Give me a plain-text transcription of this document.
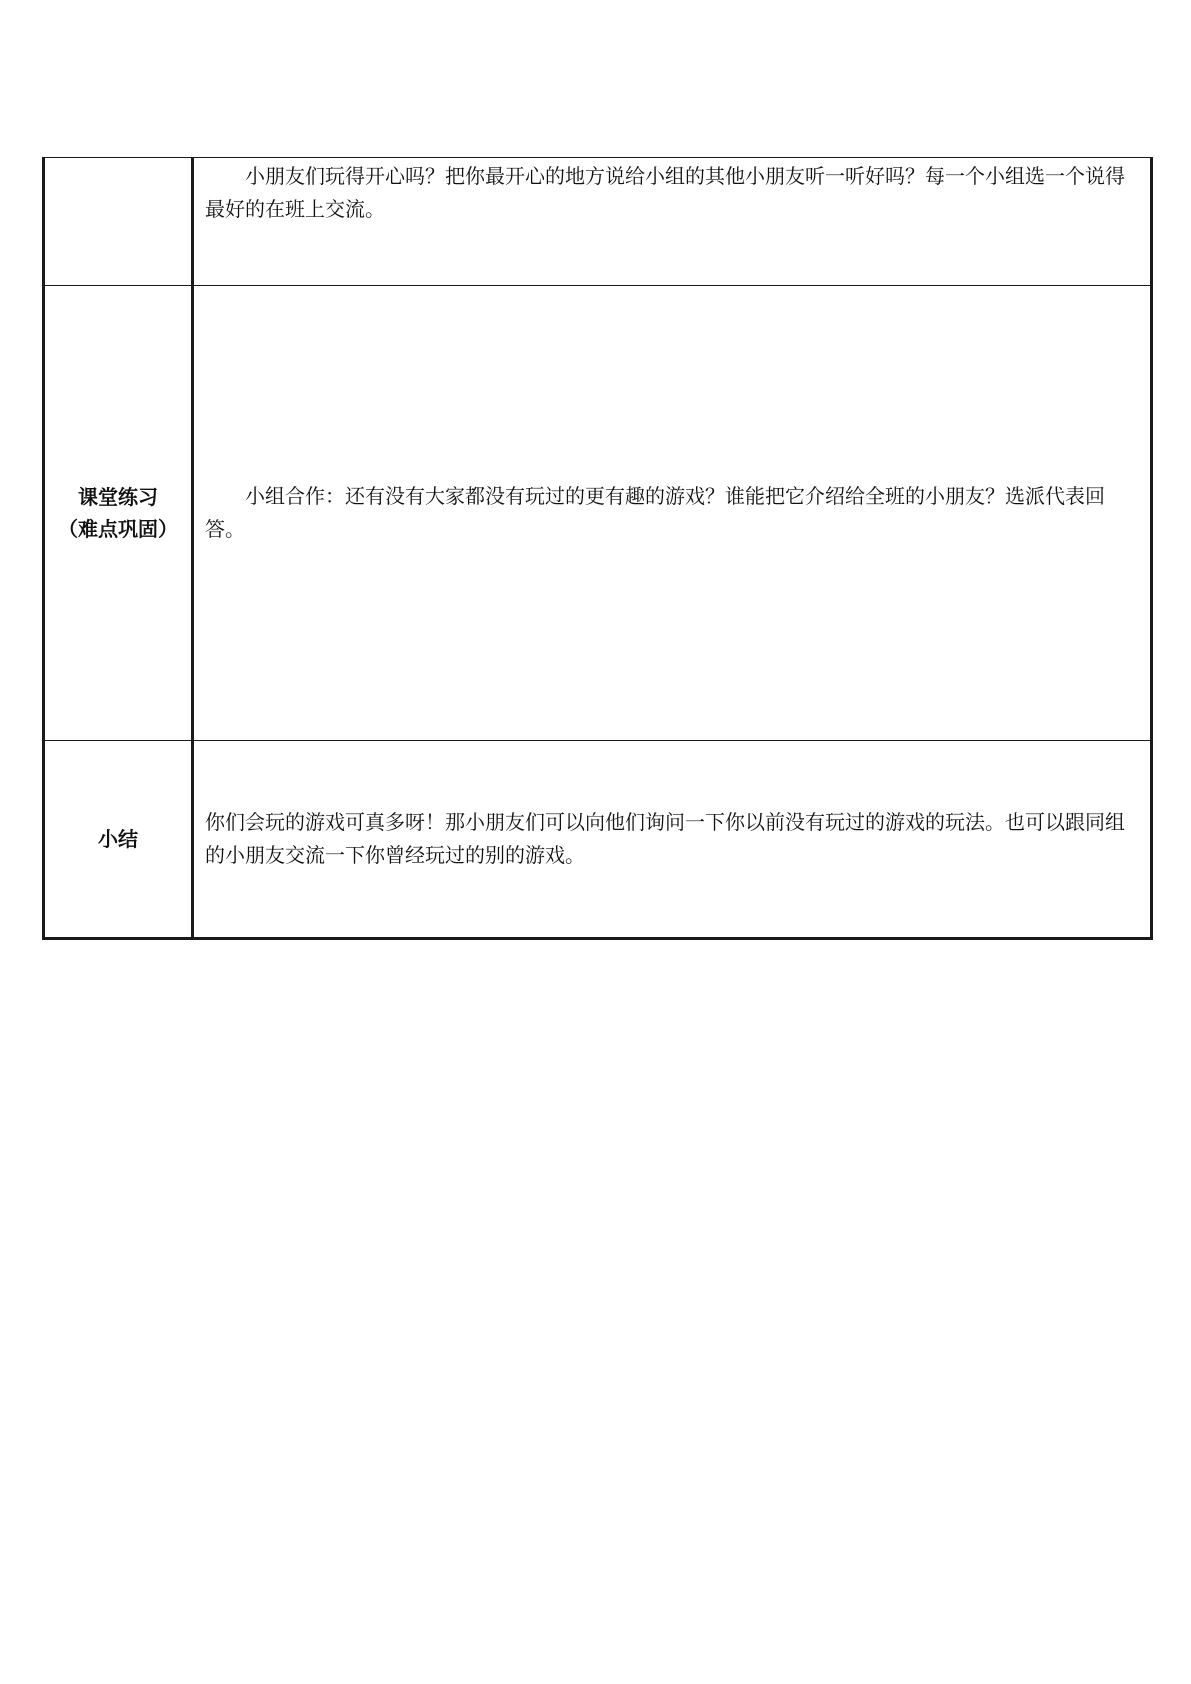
	小朋友们玩得开心吗？把你最开心的地方说给小组的其他小朋友听一听好吗？每一个小组选一个说得最好的在班上交流。

课堂练习
（难点巩固）	小组合作：还有没有大家都没有玩过的更有趣的游戏？谁能把它介绍给全班的小朋友？选派代表回答。

小结	你们会玩的游戏可真多呀！那小朋友们可以向他们询问一下你以前没有玩过的游戏的玩法。也可以跟同组的小朋友交流一下你曾经玩过的别的游戏。
